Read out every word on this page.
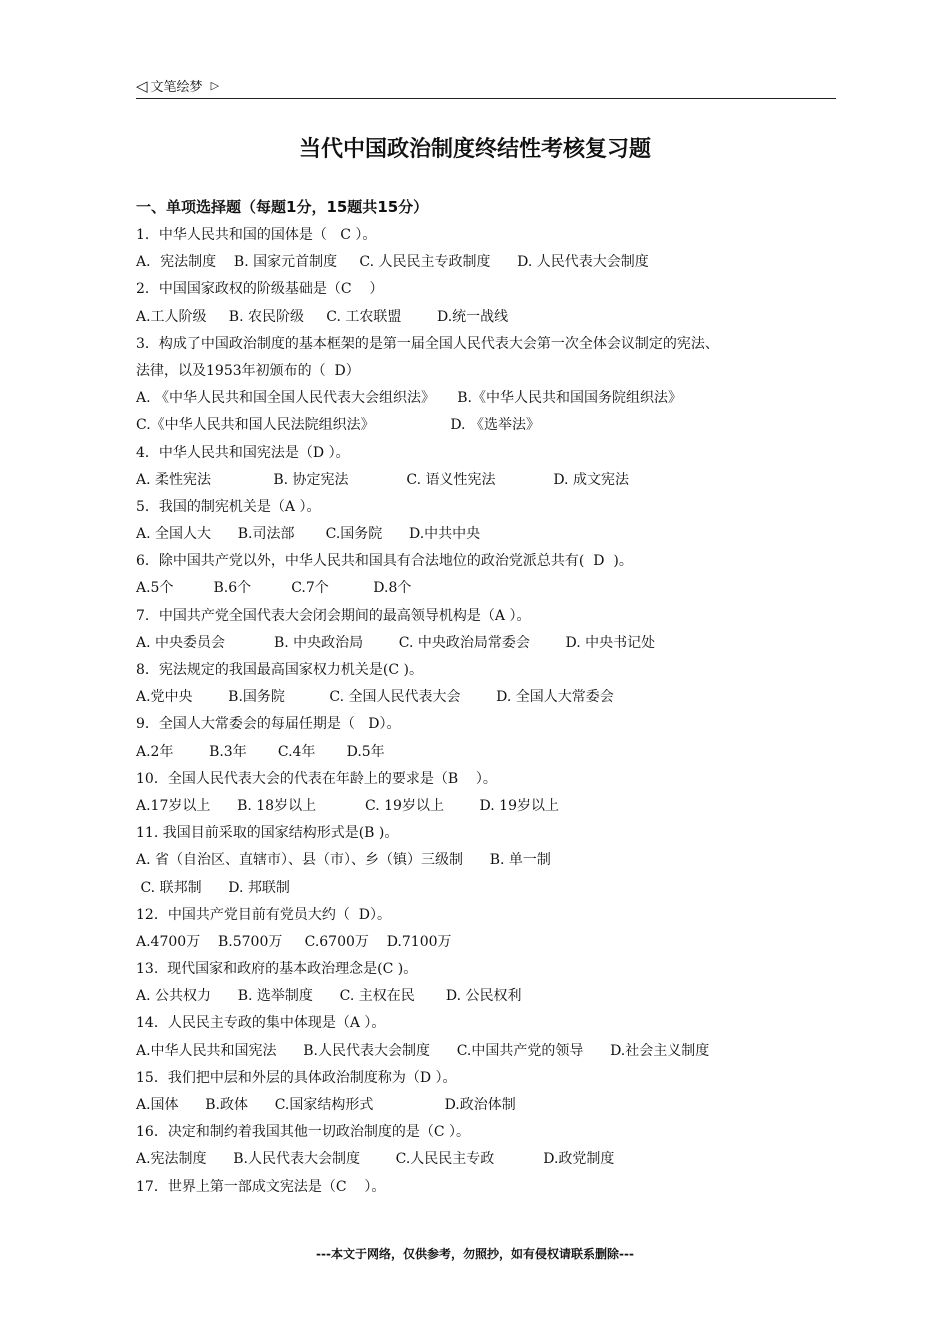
◁ 文笔绘梦 ▷
当代中国政治制度终结性考核复习题
一、单项选择题（每题1分，15题共15分）
1．中华人民共和国的国体是（   C ）。
A．宪法制度    B. 国家元首制度     C. 人民民主专政制度      D. 人民代表大会制度
2．中国国家政权的阶级基础是（C    ）
A.工人阶级     B. 农民阶级     C. 工农联盟        D.统一战线
3．构成了中国政治制度的基本框架的是第一届全国人民代表大会第一次全体会议制定的宪法、
法律，以及1953年初颁布的（  D）
A. 《中华人民共和国全国人民代表大会组织法》     B.《中华人民共和国国务院组织法》
C.《中华人民共和国人民法院组织法》                 D. 《选举法》
4．中华人民共和国宪法是（D ）。
A. 柔性宪法              B. 协定宪法             C. 语义性宪法             D. 成文宪法
5．我国的制宪机关是（A ）。
A. 全国人大      B.司法部       C.国务院      D.中共中央
6．除中国共产党以外，中华人民共和国具有合法地位的政治党派总共有(  D  )。
A.5个         B.6个         C.7个          D.8个
7．中国共产党全国代表大会闭会期间的最高领导机构是（A ）。
A. 中央委员会           B. 中央政治局        C. 中央政治局常委会        D. 中央书记处
8．宪法规定的我国最高国家权力机关是(C )。
A.党中央        B.国务院          C. 全国人民代表大会        D. 全国人大常委会
9．全国人大常委会的每届任期是（   D）。
A.2年        B.3年       C.4年       D.5年
10．全国人民代表大会的代表在年龄上的要求是（B    ）。
A.17岁以上      B. 18岁以上           C. 19岁以上        D. 19岁以上
11. 我国目前采取的国家结构形式是(B )。
A. 省（自治区、直辖市）、县（市）、乡（镇）三级制      B. 单一制
C. 联邦制      D. 邦联制
12．中国共产党目前有党员大约（  D）。
A.4700万    B.5700万     C.6700万    D.7100万
13.  现代国家和政府的基本政治理念是(C )。
A. 公共权力      B. 选举制度      C. 主权在民       D. 公民权利
14．人民民主专政的集中体现是（A ）。
A.中华人民共和国宪法      B.人民代表大会制度      C.中国共产党的领导      D.社会主义制度
15．我们把中层和外层的具体政治制度称为（D ）。
A.国体      B.政体      C.国家结构形式                D.政治体制
16．决定和制约着我国其他一切政治制度的是（C ）。
A.宪法制度      B.人民代表大会制度        C.人民民主专政           D.政党制度
17．世界上第一部成文宪法是（C    ）。
---本文于网络，仅供参考，勿照抄，如有侵权请联系删除---
